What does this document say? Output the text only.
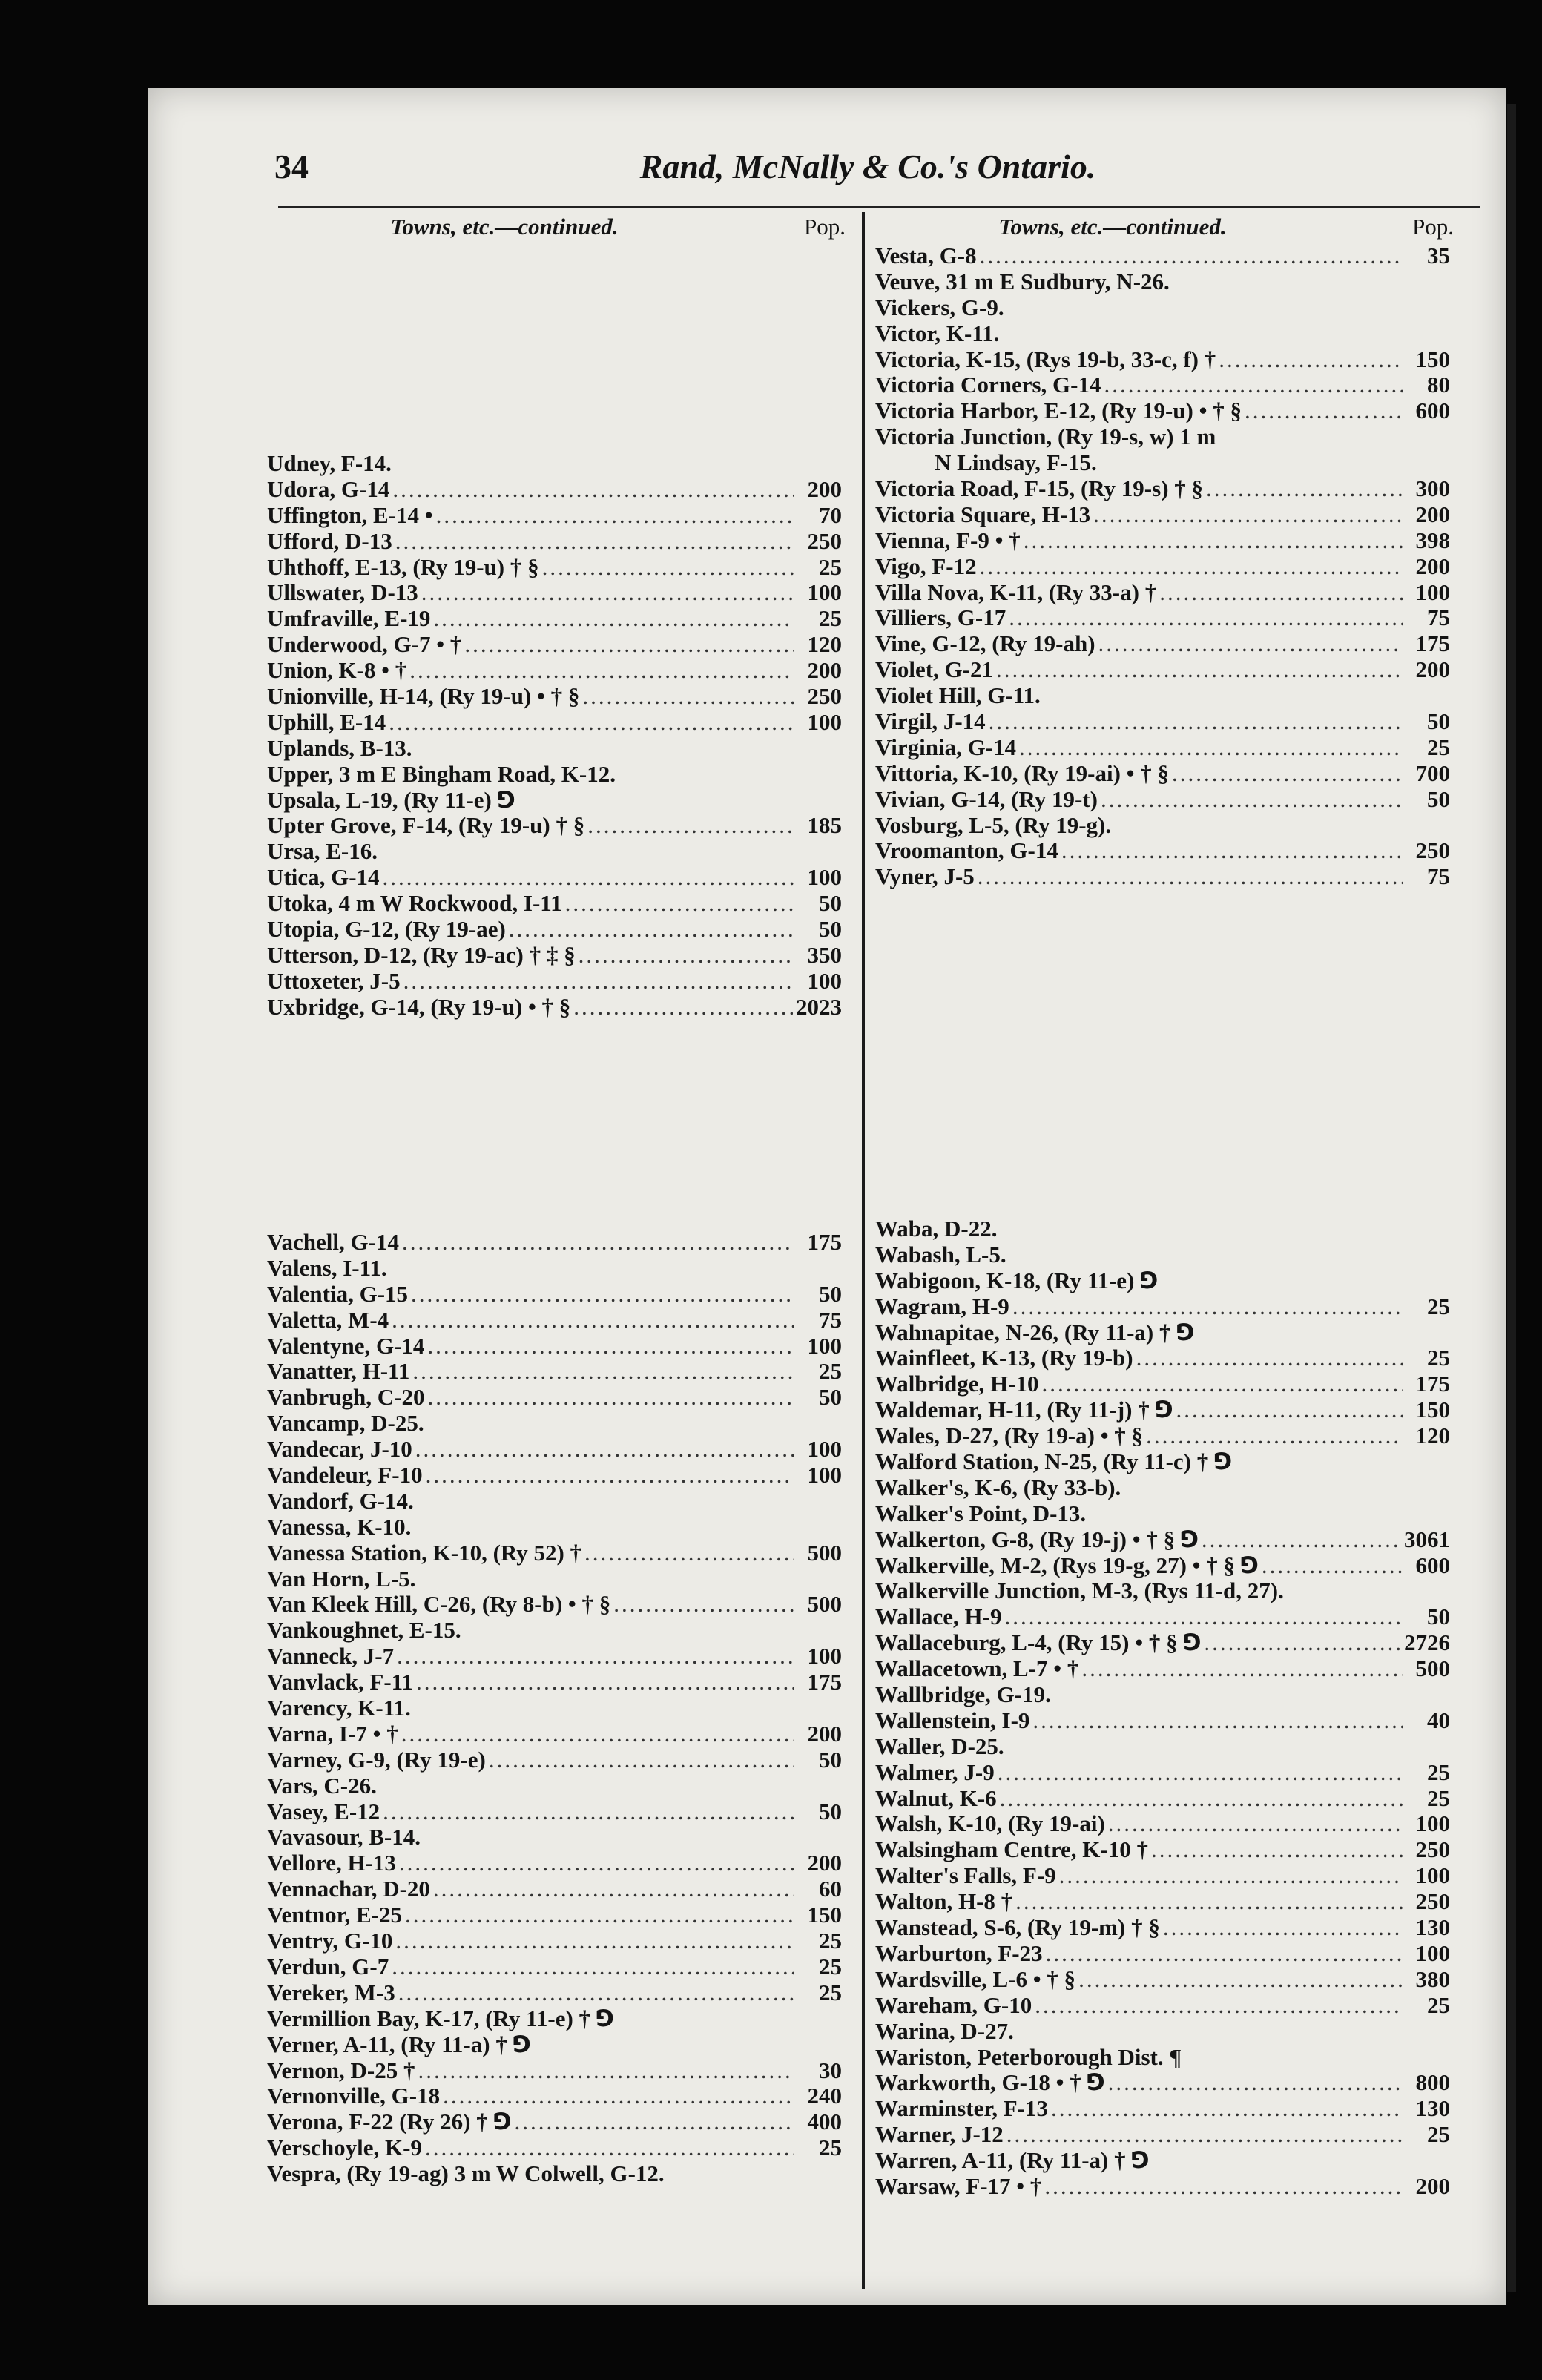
34	Rand, McNally & Co.'s Ontario.
Towns, etc.—continued.	Pop.
Udney, F-14.
Udora, G-14 .....	200
Uffington, E-14 • .....	70
Ufford, D-13 .....	250
Uhthoff, E-13, (Ry 19-u) † § .....	25
Ullswater, D-13 .....	100
Umfraville, E-19 .....	25
Underwood, G-7 • † .....	120
Union, K-8 • † .....	200
Unionville, H-14, (Ry 19-u) • † § .....	250
Uphill, E-14 .....	100
Uplands, B-13.
Upper, 3 m E Bingham Road, K-12.
Upsala, L-19, (Ry 11-e) ⅁
Upter Grove, F-14, (Ry 19-u) † § .....	185
Ursa, E-16.
Utica, G-14 .....	100
Utoka, 4 m W Rockwood, I-11 .....	50
Utopia, G-12, (Ry 19-ae) .....	50
Utterson, D-12, (Ry 19-ac) † ‡ § .....	350
Uttoxeter, J-5 .....	100
Uxbridge, G-14, (Ry 19-u) • † § .....	2023
Vachell, G-14 .....	175
Valens, I-11.
Valentia, G-15 .....	50
Valetta, M-4 .....	75
Valentyne, G-14 .....	100
Vanatter, H-11 .....	25
Vanbrugh, C-20 .....	50
Vancamp, D-25.
Vandecar, J-10 .....	100
Vandeleur, F-10 .....	100
Vandorf, G-14.
Vanessa, K-10.
Vanessa Station, K-10, (Ry 52) † .....	500
Van Horn, L-5.
Van Kleek Hill, C-26, (Ry 8-b) • † § .....	500
Vankoughnet, E-15.
Vanneck, J-7 .....	100
Vanvlack, F-11 .....	175
Varency, K-11.
Varna, I-7 • † .....	200
Varney, G-9, (Ry 19-e) .....	50
Vars, C-26.
Vasey, E-12 .....	50
Vavasour, B-14.
Vellore, H-13 .....	200
Vennachar, D-20 .....	60
Ventnor, E-25 .....	150
Ventry, G-10 .....	25
Verdun, G-7 .....	25
Vereker, M-3 .....	25
Vermillion Bay, K-17, (Ry 11-e) † ⅁
Verner, A-11, (Ry 11-a) † ⅁
Vernon, D-25 † .....	30
Vernonville, G-18 .....	240
Verona, F-22 (Ry 26) † ⅁ .....	400
Verschoyle, K-9 .....	25
Vespra, (Ry 19-ag) 3 m W Colwell, G-12.
Towns, etc.—continued.	Pop.
Vesta, G-8 .....	35
Veuve, 31 m E Sudbury, N-26.
Vickers, G-9.
Victor, K-11.
Victoria, K-15, (Rys 19-b, 33-c, f) † .....	150
Victoria Corners, G-14 .....	80
Victoria Harbor, E-12, (Ry 19-u) • † § .....	600
Victoria Junction, (Ry 19-s, w) 1 m
N Lindsay, F-15.
Victoria Road, F-15, (Ry 19-s) † § .....	300
Victoria Square, H-13 .....	200
Vienna, F-9 • † .....	398
Vigo, F-12 .....	200
Villa Nova, K-11, (Ry 33-a) † .....	100
Villiers, G-17 .....	75
Vine, G-12, (Ry 19-ah) .....	175
Violet, G-21 .....	200
Violet Hill, G-11.
Virgil, J-14 .....	50
Virginia, G-14 .....	25
Vittoria, K-10, (Ry 19-ai) • † § .....	700
Vivian, G-14, (Ry 19-t) .....	50
Vosburg, L-5, (Ry 19-g).
Vroomanton, G-14 .....	250
Vyner, J-5 .....	75
Waba, D-22.
Wabash, L-5.
Wabigoon, K-18, (Ry 11-e) ⅁
Wagram, H-9 .....	25
Wahnapitae, N-26, (Ry 11-a) † ⅁
Wainfleet, K-13, (Ry 19-b) .....	25
Walbridge, H-10 .....	175
Waldemar, H-11, (Ry 11-j) † ⅁ .....	150
Wales, D-27, (Ry 19-a) • † § .....	120
Walford Station, N-25, (Ry 11-c) † ⅁
Walker's, K-6, (Ry 33-b).
Walker's Point, D-13.
Walkerton, G-8, (Ry 19-j) • † § ⅁ .....	3061
Walkerville, M-2, (Rys 19-g, 27) • † § ⅁ .....	600
Walkerville Junction, M-3, (Rys 11-d, 27).
Wallace, H-9 .....	50
Wallaceburg, L-4, (Ry 15) • † § ⅁ .....	2726
Wallacetown, L-7 • † .....	500
Wallbridge, G-19.
Wallenstein, I-9 .....	40
Waller, D-25.
Walmer, J-9 .....	25
Walnut, K-6 .....	25
Walsh, K-10, (Ry 19-ai) .....	100
Walsingham Centre, K-10 † .....	250
Walter's Falls, F-9 .....	100
Walton, H-8 † .....	250
Wanstead, S-6, (Ry 19-m) † § .....	130
Warburton, F-23 .....	100
Wardsville, L-6 • † § .....	380
Wareham, G-10 .....	25
Warina, D-27.
Wariston, Peterborough Dist. ¶
Warkworth, G-18 • † ⅁ .....	800
Warminster, F-13 .....	130
Warner, J-12 .....	25
Warren, A-11, (Ry 11-a) † ⅁
Warsaw, F-17 • † .....	200
